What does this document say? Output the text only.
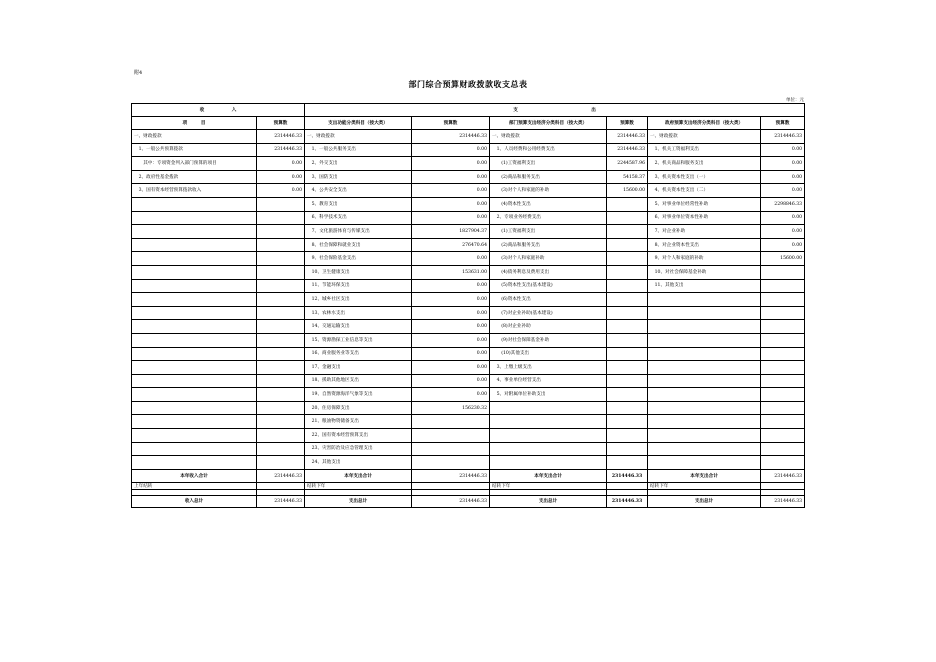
附4
部门综合预算财政拨款收支总表
单位：元
收　　　　　　入		支　　　　　　　　　　　　　　　　出					
项　　　目	预算数	支出功能分类科目（按大类）	预算数	部门预算支出经济分类科目（按大类）	预算数	政府预算支出经济分类科目（按大类）	预算数
一、财政拨款	2314446.33	一、财政拨款	2314446.33	一、财政拨款	2314446.33	一、财政拨款	2314446.33
　1、一般公共预算拨款	2314446.33	　1、一般公共服务支出	0.00	　1、人员经费和公用经费支出	2314446.33	　1、机关工资福利支出	0.00
　　其中：专项资金列入部门预算的项目	0.00	　2、外交支出	0.00	　　(1)工资福利支出	2244587.96	　2、机关商品和服务支出	0.00
　2、政府性基金拨款	0.00	　3、国防支出	0.00	　　(2)商品和服务支出	54158.37	　3、机关资本性支出（一）	0.00
　3、国有资本经营预算拨款收入	0.00	　4、公共安全支出	0.00	　　(3)对个人和家庭的补助	15600.00	　4、机关资本性支出（二）	0.00
		　5、教育支出	0.00	　　(4)资本性支出		　5、对事业单位经常性补助	2298846.33
		　6、科学技术支出	0.00	　2、专项业务经费支出		　6、对事业单位资本性补助	0.00
		　7、文化旅游体育与传媒支出	1827904.37	　　(1)工资福利支出		　7、对企业补助	0.00
		　8、社会保障和就业支出	276470.64	　　(2)商品和服务支出		　8、对企业资本性支出	0.00
		　9、社会保险基金支出	0.00	　　(3)对个人和家庭补助		　9、对个人和家庭的补助	15600.00
		　10、卫生健康支出	153631.00	　　(4)债务利息及费用支出		　10、对社会保障基金补助	
		　11、节能环保支出	0.00	　　(5)资本性支出(基本建设)		　11、其他支出	
		　12、城乡社区支出	0.00	　　(6)资本性支出			
		　13、农林水支出	0.00	　　(7)对企业补助(基本建设)			
		　14、交通运输支出	0.00	　　(8)对企业补助			
		　15、资源勘探工业信息等支出	0.00	　　(9)对社会保障基金补助			
		　16、商业服务业等支出	0.00	　　(10)其他支出			
		　17、金融支出	0.00	　3、上缴上级支出			
		　18、援助其他地区支出	0.00	　4、事业单位经营支出			
		　19、自然资源海洋气象等支出	0.00	　5、对附属单位补助支出			
		　20、住房保障支出	156230.32				
		　21、粮油物资储备支出					
		　22、国有资本经营预算支出					
		　23、灾害防治及应急管理支出					
		　24、其他支出					
本年收入合计	2314446.33	本年支出合计	2314446.33	本年支出合计	2314446.33	本年支出合计	2314446.33
上年结转		结转下年		结转下年		结转下年	

收入总计	2314446.33	支出总计	2314446.33	支出总计	2314446.33	支出总计	2314446.33
